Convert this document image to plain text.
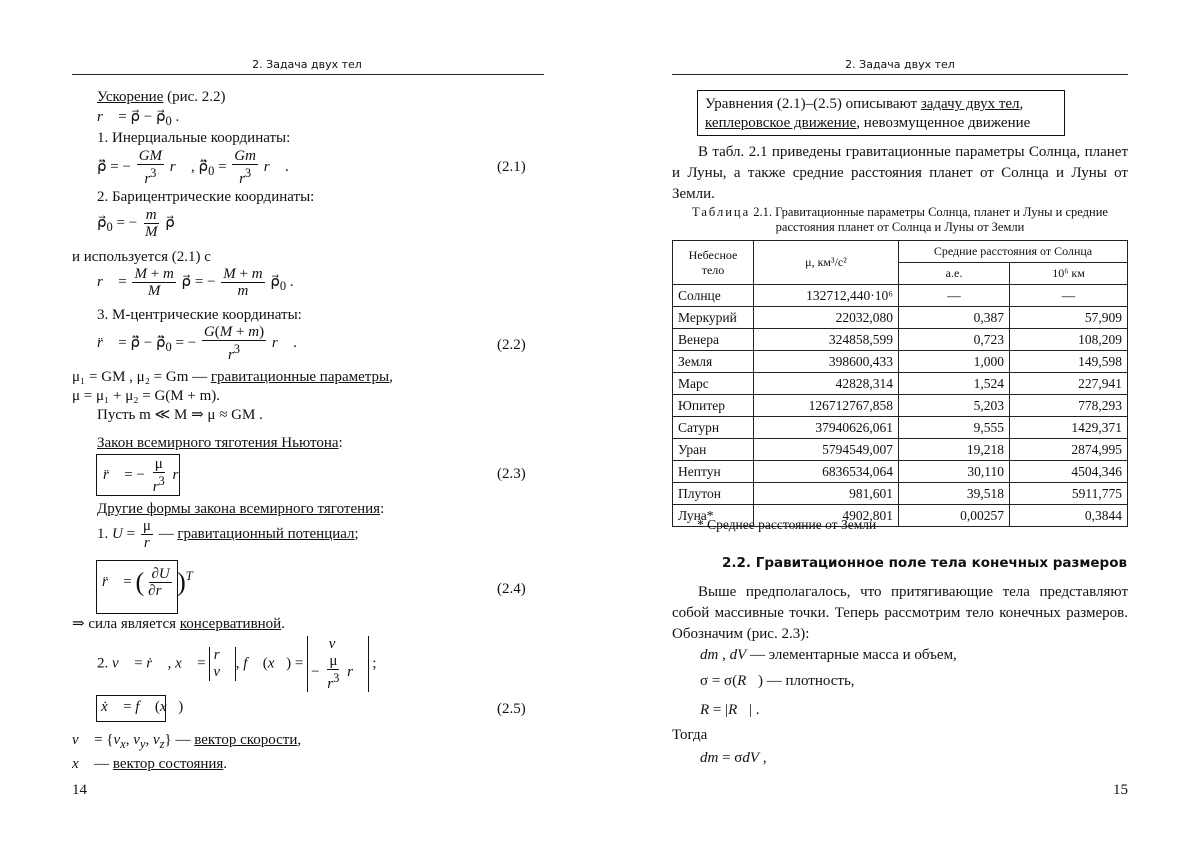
2. Задача двух тел
Ускорение (рис. 2.2)
r⃗ = ρ⃗ − $\rho⃗_0$ .
1. Инерциальные координаты:
ρ̈⃗ = − $\frac{GM}{r^3}$ r⃗ , $\rhö⃗_0 = \frac{Gm}{r^3}$ r⃗ .	(2.1)
2. Барицентрические координаты:
$\rho⃗_0$ = − $\frac{m}{M}$ ρ⃗
и используется (2.1) с
r⃗ = $\frac{M + m}{M}$ ρ⃗ = − $\frac{M + m}{m}$ $\rho⃗_0$ .
3. M-центрические координаты:
r̈⃗ = ρ̈⃗ − $\rhö⃗_0$ = − $\frac{G(M + m)}{r^3}$ r⃗ .	(2.2)
μ₁ = GM , μ₂ = Gm — гравитационные параметры,
μ = μ₁ + μ₂ = G(M + m).
Пусть m ≪ M ⇒ μ ≈ GM .
Закон всемирного тяготения Ньютона:
r̈⃗ = − $\frac{\mu}{r^3}$ r⃗	(2.3)
Другие формы закона всемирного тяготения:
1. $U = \frac{\mu}{r}$ — гравитационный потенциал;
r̈⃗ = ( $\frac{\partial U}{\partial r⃗} )^T$
(2.4)
⇒ сила является консервативной.
2. v⃗ = ṙ⃗ , x⃗ = r⃗
v⃗, f⃗ (x⃗) = v⃗
− $\frac{\mu}{r^3}$ r⃗ ;
ẋ⃗ = f⃗ (x⃗)	(2.5)
v⃗ = {$v_x$, $v_y$, $v_z$} — вектор скорости,
x⃗ — вектор состояния.
14
2. Задача двух тел
Уравнения (2.1)–(2.5) описывают задачу двух тел,
кеплеровское движение, невозмущенное движение
В табл. 2.1 приведены гравитационные параметры Солнца, планет и Луны, а также средние расстояния планет от Солнца и Луны от Земли.
Таблица 2.1. Гравитационные параметры Солнца, планет и Луны и средние расстояния планет от Солнца и Луны от Земли
Небесное тело	μ, км³/с²	Средние расстояния от Солнца	
		а.е.	10⁶ км
Солнце	132712,440·10⁶	—	—
Меркурий	22032,080	0,387	57,909
Венера	324858,599	0,723	108,209
Земля	398600,433	1,000	149,598
Марс	42828,314	1,524	227,941
Юпитер	126712767,858	5,203	778,293
Сатурн	37940626,061	9,555	1429,371
Уран	5794549,007	19,218	2874,995
Нептун	6836534,064	30,110	4504,346
Плутон	981,601	39,518	5911,775
Луна*	4902,801	0,00257	0,3844
* Среднее расстояние от Земли
2.2. Гравитационное поле тела конечных размеров
Выше предполагалось, что притягивающие тела представляют собой массивные точки. Теперь рассмотрим тело конечных размеров. Обозначим (рис. 2.3):
dm , dV — элементарные масса и объем,
σ = σ(R⃗) — плотность,
R = |R⃗| .
Тогда
dm = σdV ,
15
